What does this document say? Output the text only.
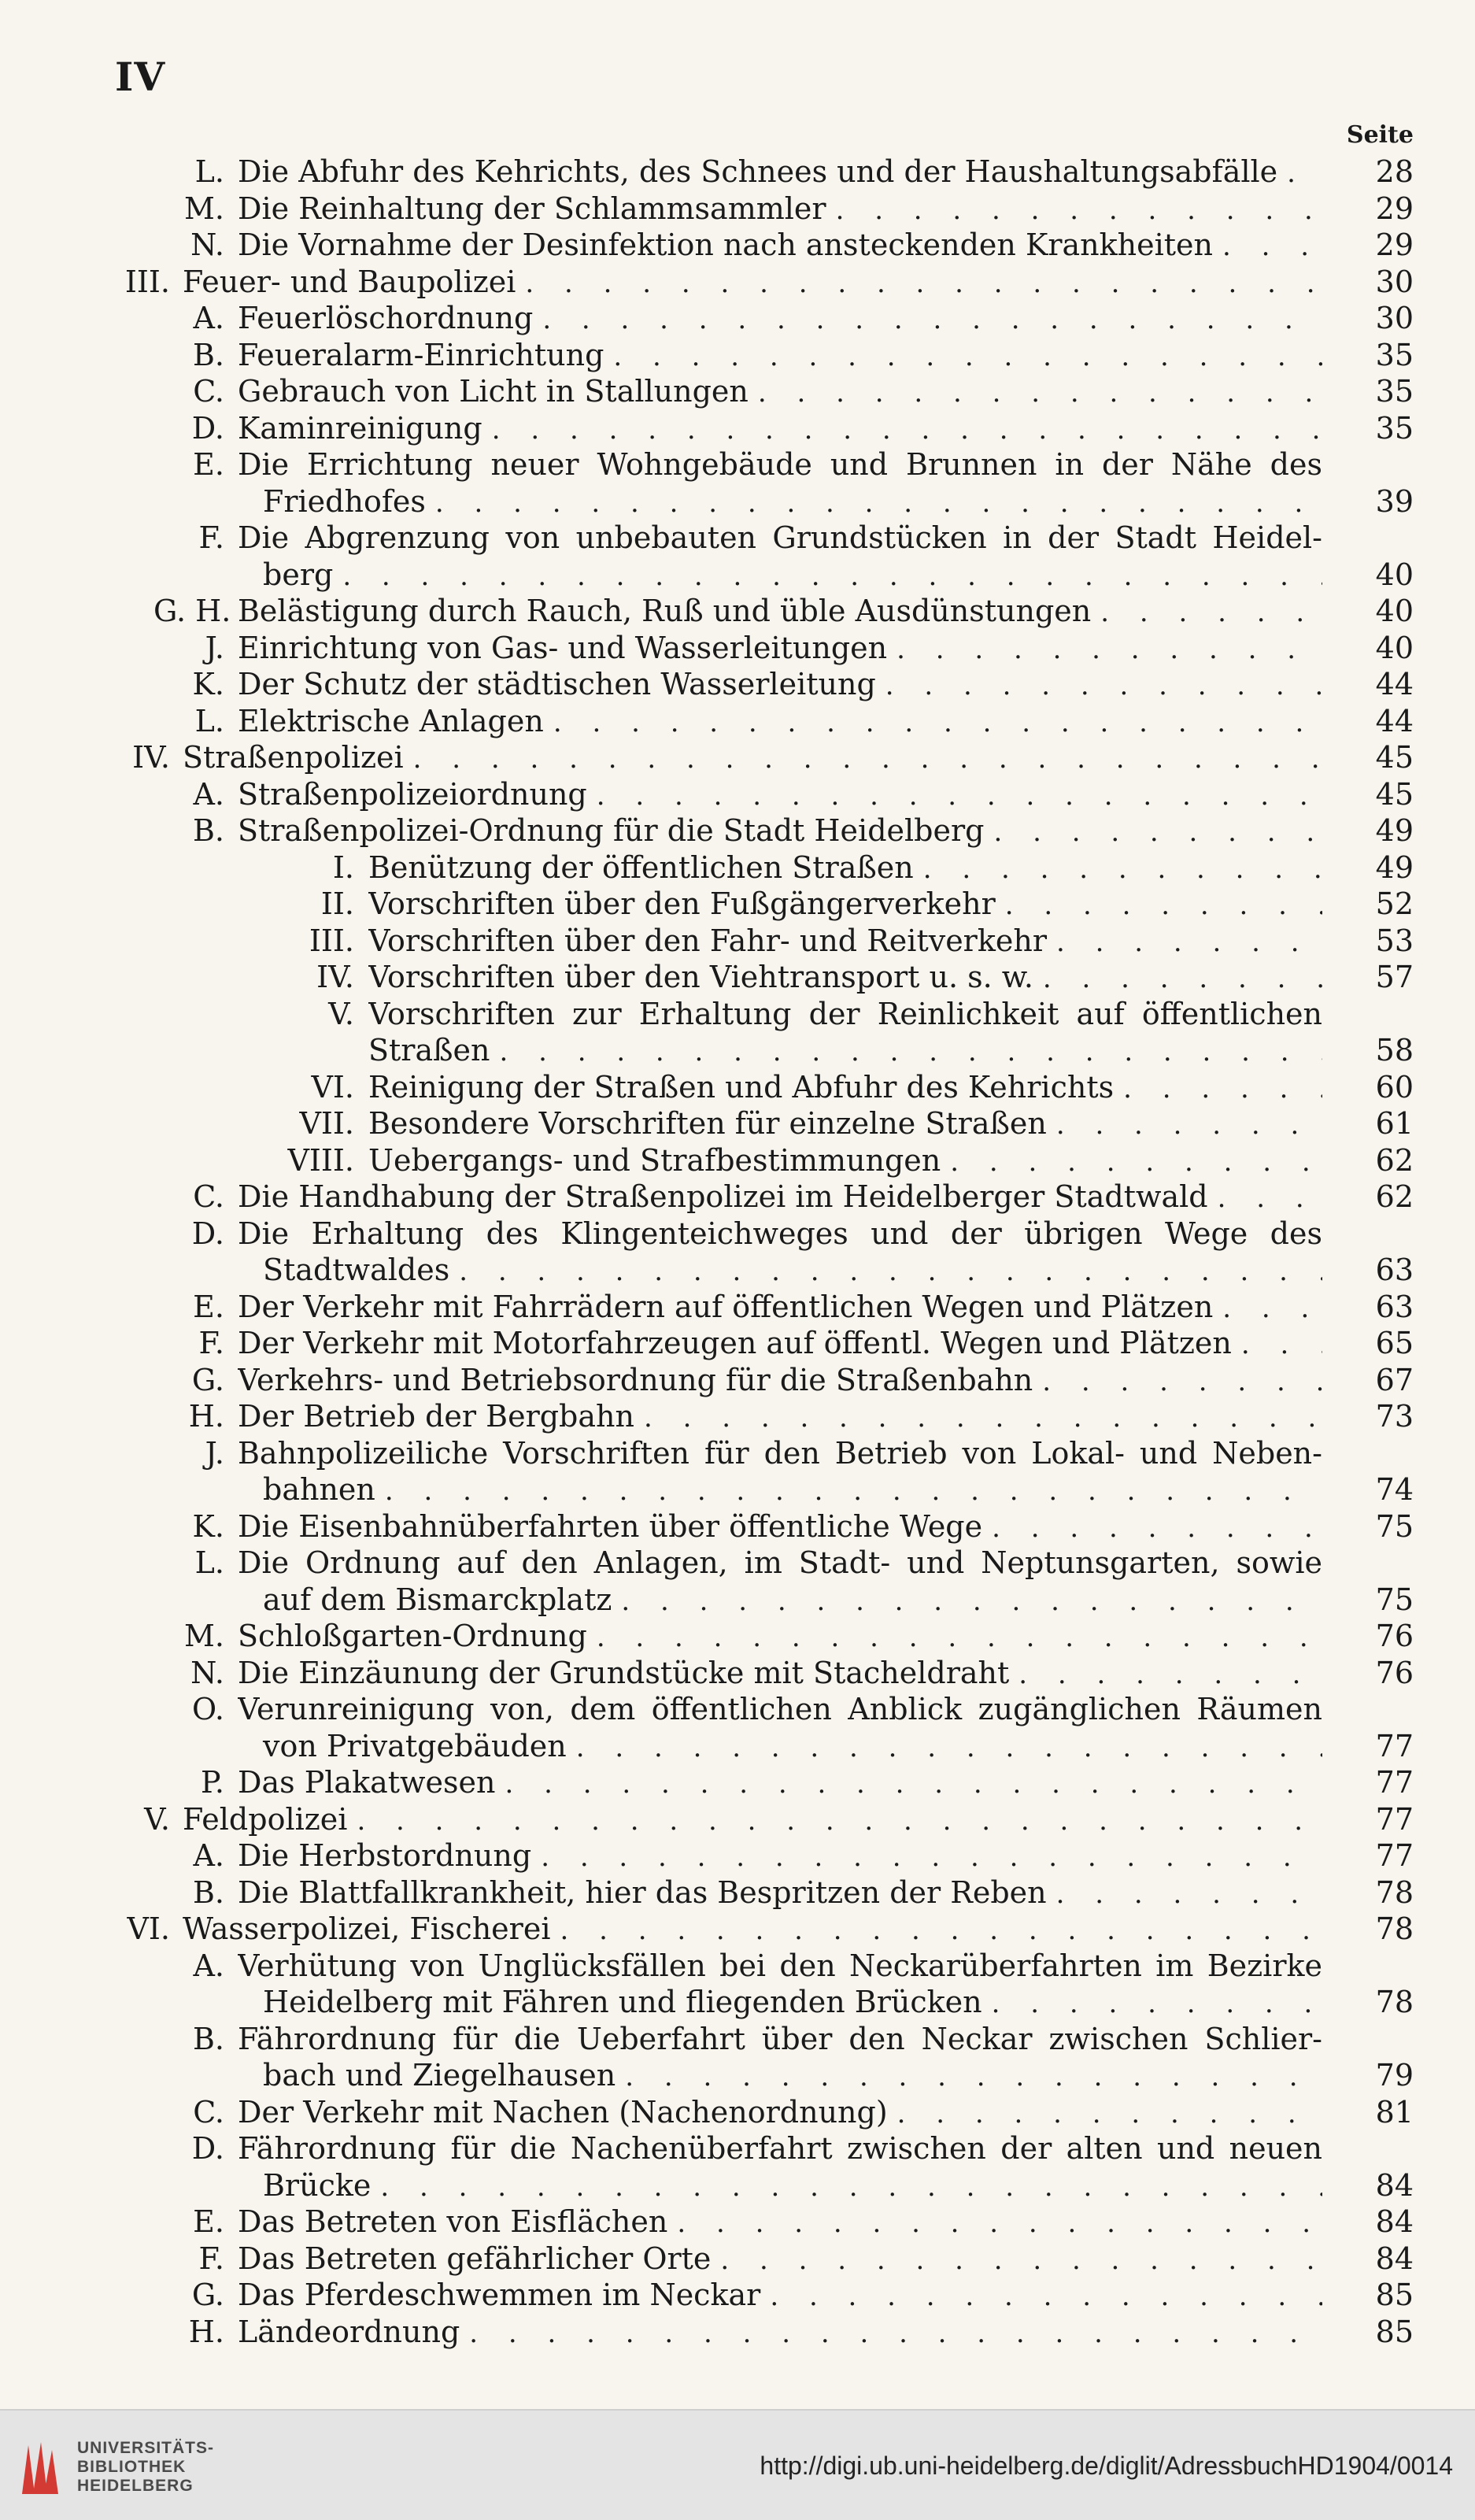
IV
Seite
L. Die Abfuhr des Kehrichts, des Schnees und der Haushaltungsabfälle . . .	28
M. Die Reinhaltung der Schlammsammler . . .	29
N. Die Vornahme der Desinfektion nach ansteckenden Krankheiten . . .	29
III. Feuer- und Baupolizei . . .	30
A. Feuerlöschordnung . . .	30
B. Feueralarm-Einrichtung . . .	35
C. Gebrauch von Licht in Stallungen . . .	35
D. Kaminreinigung . . .	35
E. Die Errichtung neuer Wohngebäude und Brunnen in der Nähe des
Friedhofes . . .	39
F. Die Abgrenzung von unbebauten Grundstücken in der Stadt Heidel-
berg . . .	40
G. H. Belästigung durch Rauch, Ruß und üble Ausdünstungen . . .	40
J. Einrichtung von Gas- und Wasserleitungen . . .	40
K. Der Schutz der städtischen Wasserleitung . . .	44
L. Elektrische Anlagen . . .	44
IV. Straßenpolizei . . .	45
A. Straßenpolizeiordnung . . .	45
B. Straßenpolizei-Ordnung für die Stadt Heidelberg . . .	49
I. Benützung der öffentlichen Straßen . . .	49
II. Vorschriften über den Fußgängerverkehr . . .	52
III. Vorschriften über den Fahr- und Reitverkehr . . .	53
IV. Vorschriften über den Viehtransport u. s. w. . . .	57
V. Vorschriften zur Erhaltung der Reinlichkeit auf öffentlichen
Straßen . . .	58
VI. Reinigung der Straßen und Abfuhr des Kehrichts . . .	60
VII. Besondere Vorschriften für einzelne Straßen . . .	61
VIII. Uebergangs- und Strafbestimmungen . . .	62
C. Die Handhabung der Straßenpolizei im Heidelberger Stadtwald . . .	62
D. Die Erhaltung des Klingenteichweges und der übrigen Wege des
Stadtwaldes . . .	63
E. Der Verkehr mit Fahrrädern auf öffentlichen Wegen und Plätzen . . .	63
F. Der Verkehr mit Motorfahrzeugen auf öffentl. Wegen und Plätzen . . .	65
G. Verkehrs- und Betriebsordnung für die Straßenbahn . . .	67
H. Der Betrieb der Bergbahn . . .	73
J. Bahnpolizeiliche Vorschriften für den Betrieb von Lokal- und Neben-
bahnen . . .	74
K. Die Eisenbahnüberfahrten über öffentliche Wege . . .	75
L. Die Ordnung auf den Anlagen, im Stadt- und Neptunsgarten, sowie
auf dem Bismarckplatz . . .	75
M. Schloßgarten-Ordnung . . .	76
N. Die Einzäunung der Grundstücke mit Stacheldraht . . .	76
O. Verunreinigung von, dem öffentlichen Anblick zugänglichen Räumen
von Privatgebäuden . . .	77
P. Das Plakatwesen . . .	77
V. Feldpolizei . . .	77
A. Die Herbstordnung . . .	77
B. Die Blattfallkrankheit, hier das Bespritzen der Reben . . .	78
VI. Wasserpolizei, Fischerei . . .	78
A. Verhütung von Unglücksfällen bei den Neckarüberfahrten im Bezirke
Heidelberg mit Fähren und fliegenden Brücken . . .	78
B. Fährordnung für die Ueberfahrt über den Neckar zwischen Schlier-
bach und Ziegelhausen . . .	79
C. Der Verkehr mit Nachen (Nachenordnung) . . .	81
D. Fährordnung für die Nachenüberfahrt zwischen der alten und neuen
Brücke . . .	84
E. Das Betreten von Eisflächen . . .	84
F. Das Betreten gefährlicher Orte . . .	84
G. Das Pferdeschwemmen im Neckar . . .	85
H. Ländeordnung . . .	85
UNIVERSITÄTS-
BIBLIOTHEK
HEIDELBERG
http://digi.ub.uni-heidelberg.de/diglit/AdressbuchHD1904/0014
